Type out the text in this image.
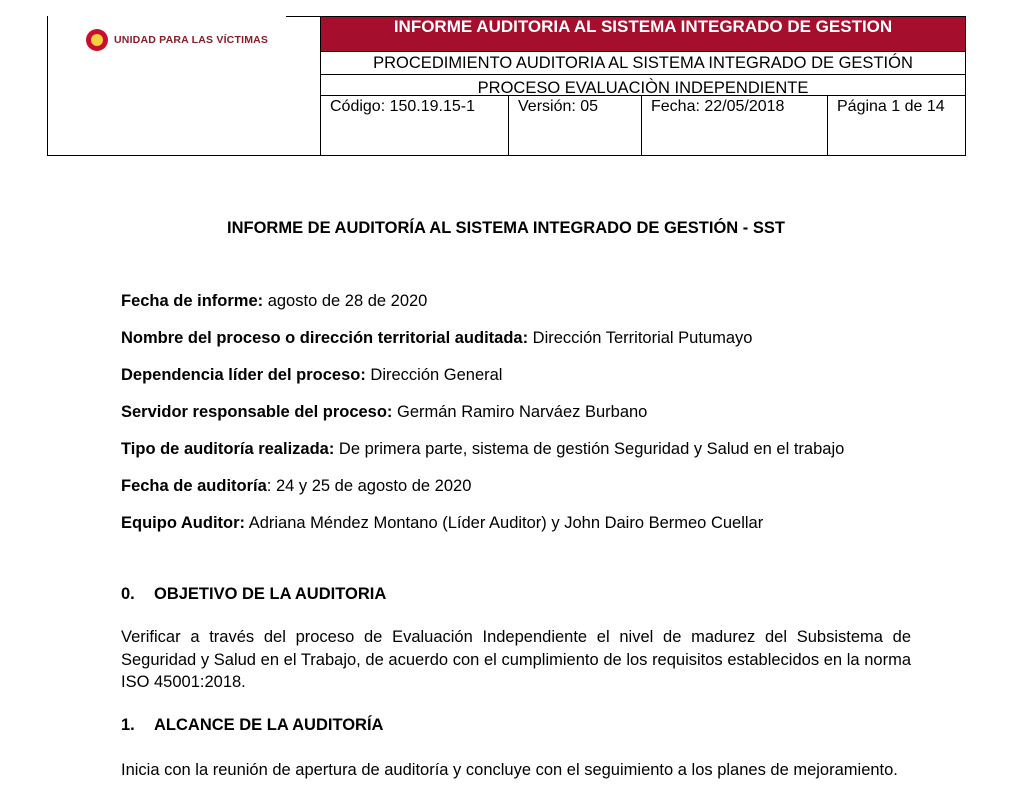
UNIDAD PARA LAS VÍCTIMAS
INFORME AUDITORIA AL SISTEMA INTEGRADO DE GESTION
PROCEDIMIENTO AUDITORIA AL SISTEMA INTEGRADO DE GESTIÓN
PROCESO EVALUACIÒN INDEPENDIENTE
Código: 150.19.15-1	Versión: 05	Fecha: 22/05/2018	Página 1 de 14
INFORME DE AUDITORÍA AL SISTEMA INTEGRADO DE GESTIÓN - SST
Fecha de informe: agosto de 28 de 2020
Nombre del proceso o dirección territorial auditada: Dirección Territorial Putumayo
Dependencia líder del proceso: Dirección General
Servidor responsable del proceso: Germán Ramiro Narváez Burbano
Tipo de auditoría realizada: De primera parte, sistema de gestión Seguridad y Salud en el trabajo
Fecha de auditoría: 24 y 25 de agosto de 2020
Equipo Auditor: Adriana Méndez Montano (Líder Auditor) y John Dairo Bermeo Cuellar
0. OBJETIVO DE LA AUDITORIA
Verificar a través del proceso de Evaluación Independiente el nivel de madurez del Subsistema de Seguridad y Salud en el Trabajo, de acuerdo con el cumplimiento de los requisitos establecidos en la norma ISO 45001:2018.
1. ALCANCE DE LA AUDITORÍA
Inicia con la reunión de apertura de auditoría y concluye con el seguimiento a los planes de mejoramiento.
